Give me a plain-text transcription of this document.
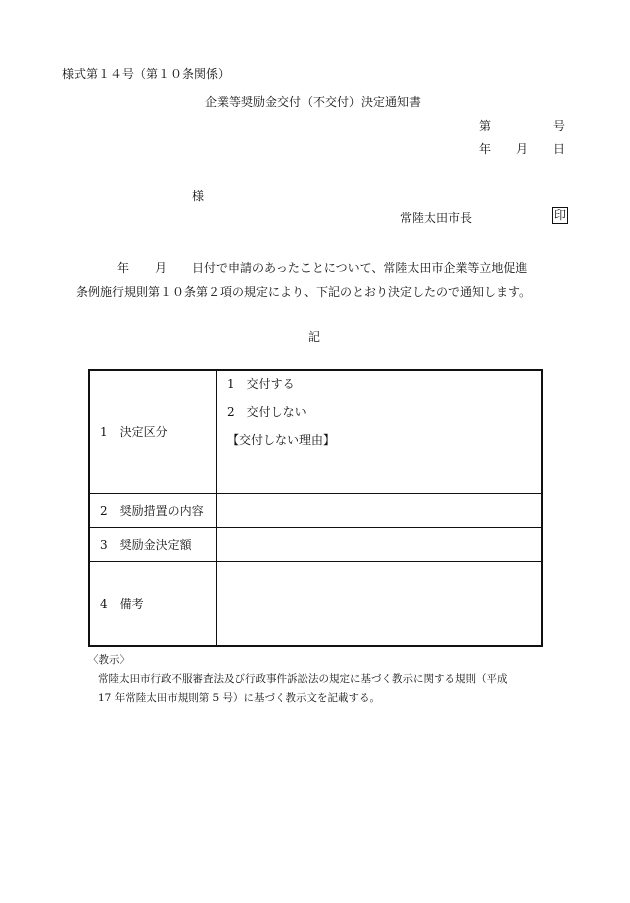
様式第１４号（第１０条関係）
企業等奨励金交付（不交付）決定通知書
第	号
年 月 日
様
常陸太田市長	印
年 月 日付で申請のあったことについて、常陸太田市企業等立地促進
条例施行規則第１０条第２項の規定により、下記のとおり決定したので通知します。
記
1　決定区分	1　交付する
2　交付しない
【交付しない理由】

2　奨励措置の内容	
3　奨励金決定額	
4　備考	
〈教示〉
常陸太田市行政不服審査法及び行政事件訴訟法の規定に基づく教示に関する規則（平成
17 年常陸太田市規則第 5 号）に基づく教示文を記載する。
